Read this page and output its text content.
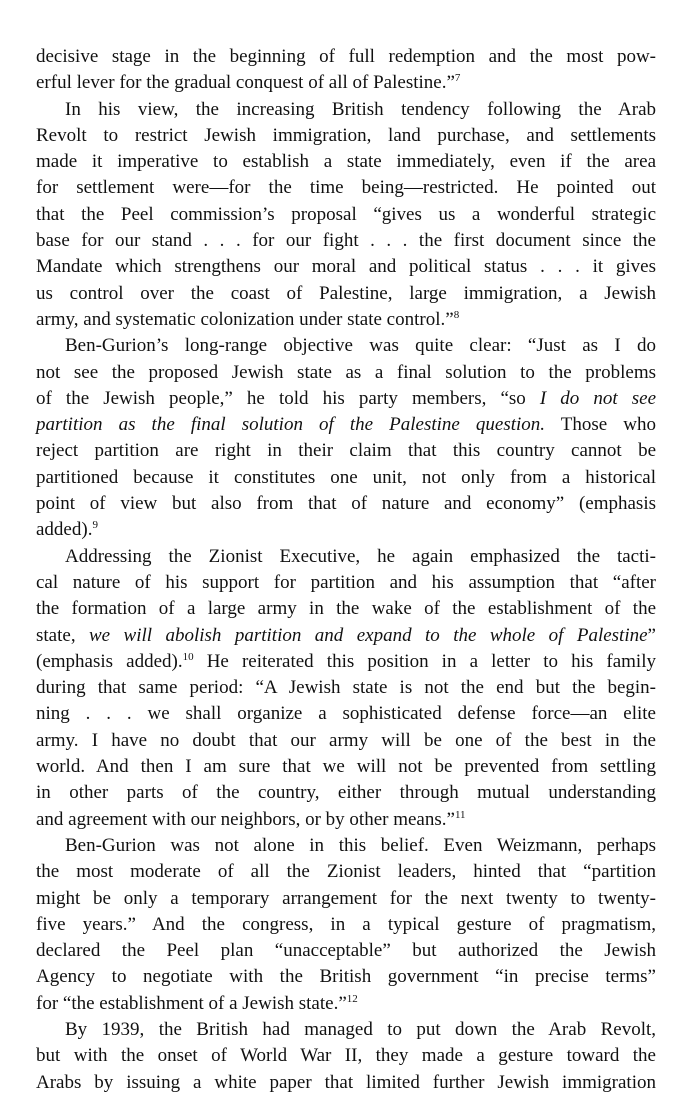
decisive stage in the beginning of full redemption and the most pow-
erful lever for the gradual conquest of all of Palestine.”$^7$
In his view, the increasing British tendency following the Arab
Revolt to restrict Jewish immigration, land purchase, and settlements
made it imperative to establish a state immediately, even if the area
for settlement were—for the time being—restricted. He pointed out
that the Peel commission’s proposal “gives us a wonderful strategic
base for our stand . . . for our fight . . . the first document since the
Mandate which strengthens our moral and political status . . . it gives
us control over the coast of Palestine, large immigration, a Jewish
army, and systematic colonization under state control.”$^8$
Ben-Gurion’s long-range objective was quite clear: “Just as I do
not see the proposed Jewish state as a final solution to the problems
of the Jewish people,” he told his party members, “so I do not see
partition as the final solution of the Palestine question. Those who
reject partition are right in their claim that this country cannot be
partitioned because it constitutes one unit, not only from a historical
point of view but also from that of nature and economy” (emphasis
added).$^9$
Addressing the Zionist Executive, he again emphasized the tacti-
cal nature of his support for partition and his assumption that “after
the formation of a large army in the wake of the establishment of the
state, we will abolish partition and expand to the whole of Palestine”
(emphasis added).$^{10}$ He reiterated this position in a letter to his family
during that same period: “A Jewish state is not the end but the begin-
ning . . . we shall organize a sophisticated defense force—an elite
army. I have no doubt that our army will be one of the best in the
world. And then I am sure that we will not be prevented from settling
in other parts of the country, either through mutual understanding
and agreement with our neighbors, or by other means.”$^{11}$
Ben-Gurion was not alone in this belief. Even Weizmann, perhaps
the most moderate of all the Zionist leaders, hinted that “partition
might be only a temporary arrangement for the next twenty to twenty-
five years.” And the congress, in a typical gesture of pragmatism,
declared the Peel plan “unacceptable” but authorized the Jewish
Agency to negotiate with the British government “in precise terms”
for “the establishment of a Jewish state.”$^{12}$
By 1939, the British had managed to put down the Arab Revolt,
but with the onset of World War II, they made a gesture toward the
Arabs by issuing a white paper that limited further Jewish immigration
